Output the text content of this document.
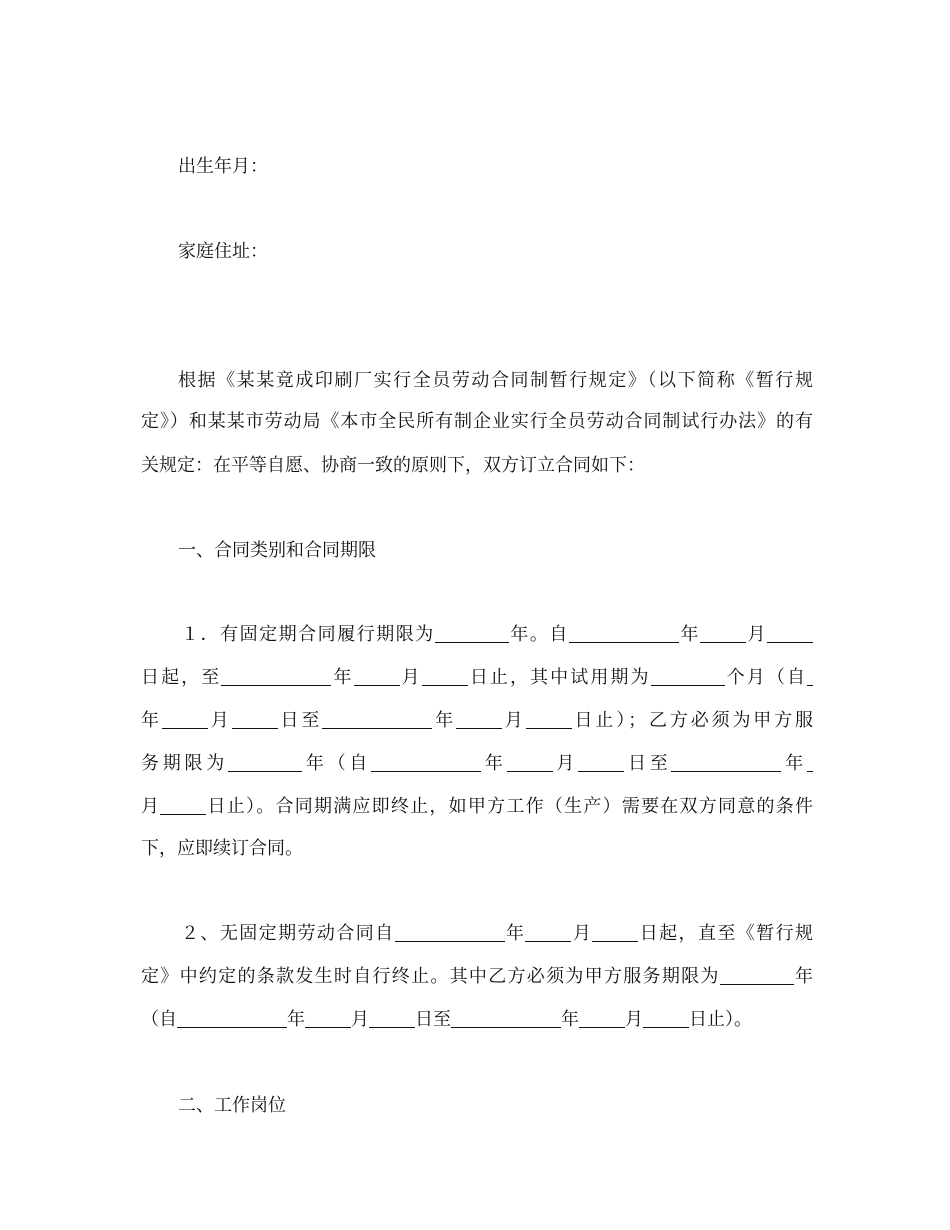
出生年月：
家庭住址：
根据《某某竟成印刷厂实行全员劳动合同制暂行规定》（以下简称《暂行规
定》）和某某市劳动局《本市全民所有制企业实行全员劳动合同制试行办法》的有
关规定：在平等自愿、协商一致的原则下，双方订立合同如下：
一、合同类别和合同期限
１．有固定期合同履行期限为	年。自	年	月
日起，至	年	月	日止，其中试用期为	个月（自
年	月	日至	年	月	日止）；乙方必须为甲方服
务期限为	年（自	年	月	日至	年
月	日止）。合同期满应即终止，如甲方工作（生产）需要在双方同意的条件
下，应即续订合同。
２、无固定期劳动合同自	年	月	日起，直至《暂行规
定》中约定的条款发生时自行终止。其中乙方必须为甲方服务期限为	年
（自	年	月	日至	年	月	日止）。
二、工作岗位
